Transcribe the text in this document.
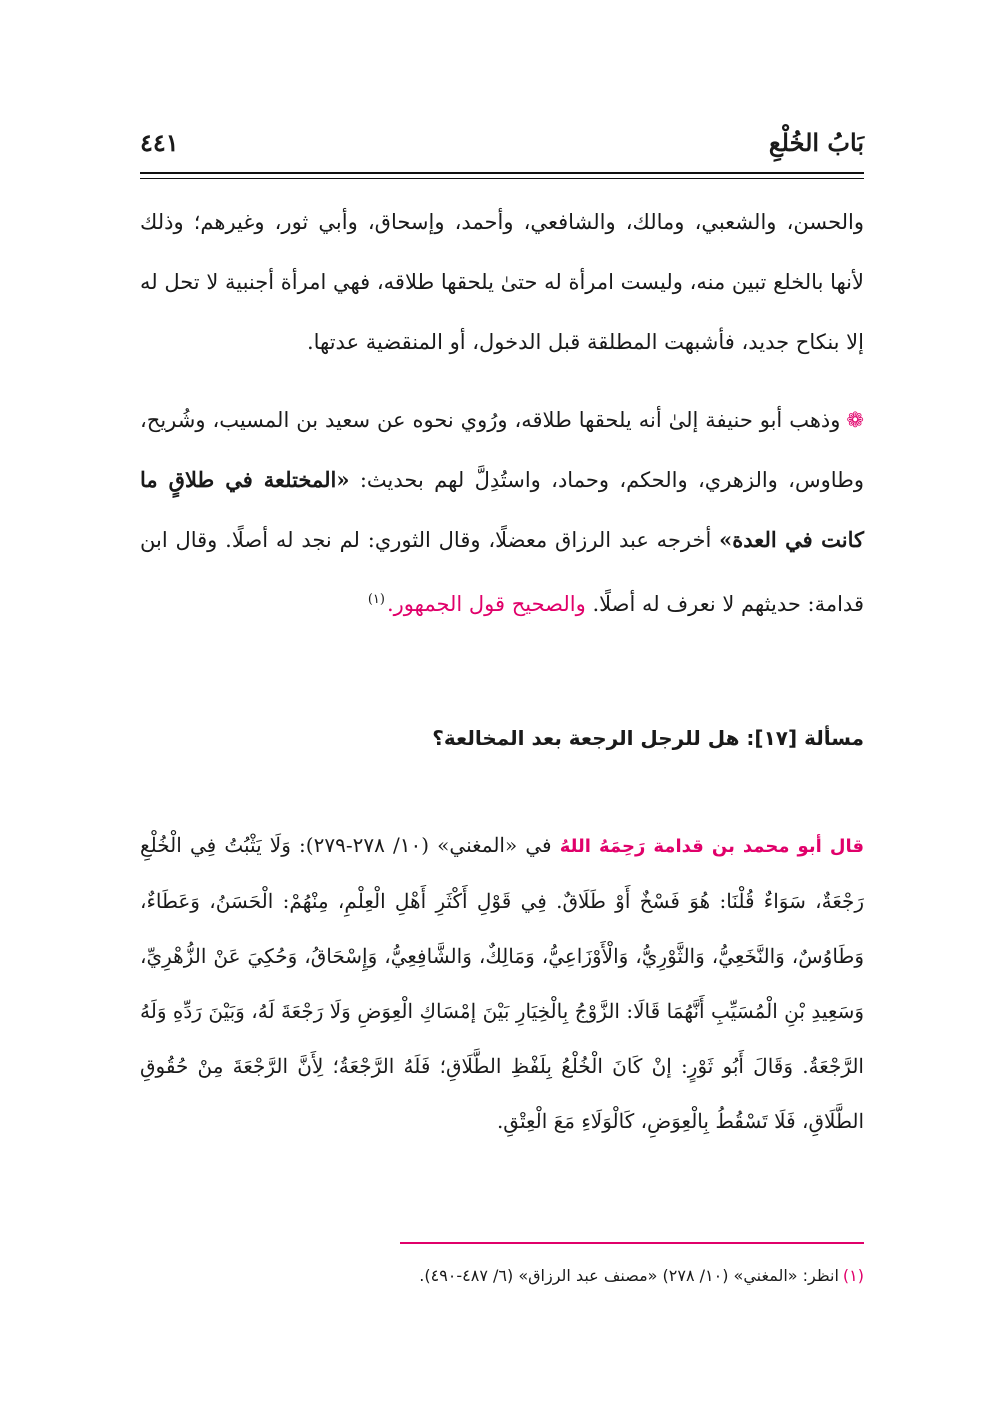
بَابُ الخُلْعِ
٤٤١

والحسن، والشعبي، ومالك، والشافعي، وأحمد، وإسحاق، وأبي ثور، وغيرهم؛ وذلك لأنها بالخلع تبين منه، وليست امرأة له حتىٰ يلحقها طلاقه، فهي امرأة أجنبية لا تحل له إلا بنكاح جديد، فأشبهت المطلقة قبل الدخول، أو المنقضية عدتها.

❁وذهب أبو حنيفة إلىٰ أنه يلحقها طلاقه، ورُوي نحوه عن سعيد بن المسيب، وشُريح، وطاوس، والزهري، والحكم، وحماد، واستُدِلَّ لهم بحديث: «المختلعة في طلاقٍ ما كانت في العدة» أخرجه عبد الرزاق معضلًا، وقال الثوري: لم نجد له أصلًا. وقال ابن قدامة: حديثهم لا نعرف له أصلًا. والصحيح قول الجمهور.$^{(١)}$

مسألة [١٧]: هل للرجل الرجعة بعد المخالعة؟

قال أبو محمد بن قدامة رَحِمَهُ اللهُ في «المغني» (١٠/ ٢٧٨-٢٧٩): وَلَا يَثْبُتُ فِي الْخُلْعِ رَجْعَةٌ، سَوَاءٌ قُلْنَا: هُوَ فَسْخٌ أَوْ طَلَاقٌ. فِي قَوْلِ أَكْثَرِ أَهْلِ الْعِلْمِ، مِنْهُمْ: الْحَسَنُ، وَعَطَاءٌ، وَطَاوُسٌ، وَالنَّخَعِيُّ، وَالثَّوْرِيُّ، وَالْأَوْزَاعِيُّ، وَمَالِكٌ، وَالشَّافِعِيُّ، وَإِسْحَاقُ، وَحُكِيَ عَنْ الزُّهْرِيِّ، وَسَعِيدِ بْنِ الْمُسَيِّبِ أَنَّهُمَا قَالَا: الزَّوْجُ بِالْخِيَارِ بَيْنَ إمْسَاكِ الْعِوَضِ وَلَا رَجْعَةَ لَهُ، وَبَيْنَ رَدِّهِ وَلَهُ الرَّجْعَةُ. وَقَالَ أَبُو ثَوْرٍ: إنْ كَانَ الْخُلْعُ بِلَفْظِ الطَّلَاقِ؛ فَلَهُ الرَّجْعَةُ؛ لِأَنَّ الرَّجْعَةَ مِنْ حُقُوقِ الطَّلَاقِ، فَلَا تَسْقُطُ بِالْعِوَضِ، كَالْوَلَاءِ مَعَ الْعِتْقِ.

(١)انظر: «المغني» (١٠/ ٢٧٨) «مصنف عبد الرزاق» (٦/ ٤٨٧-٤٩٠).
